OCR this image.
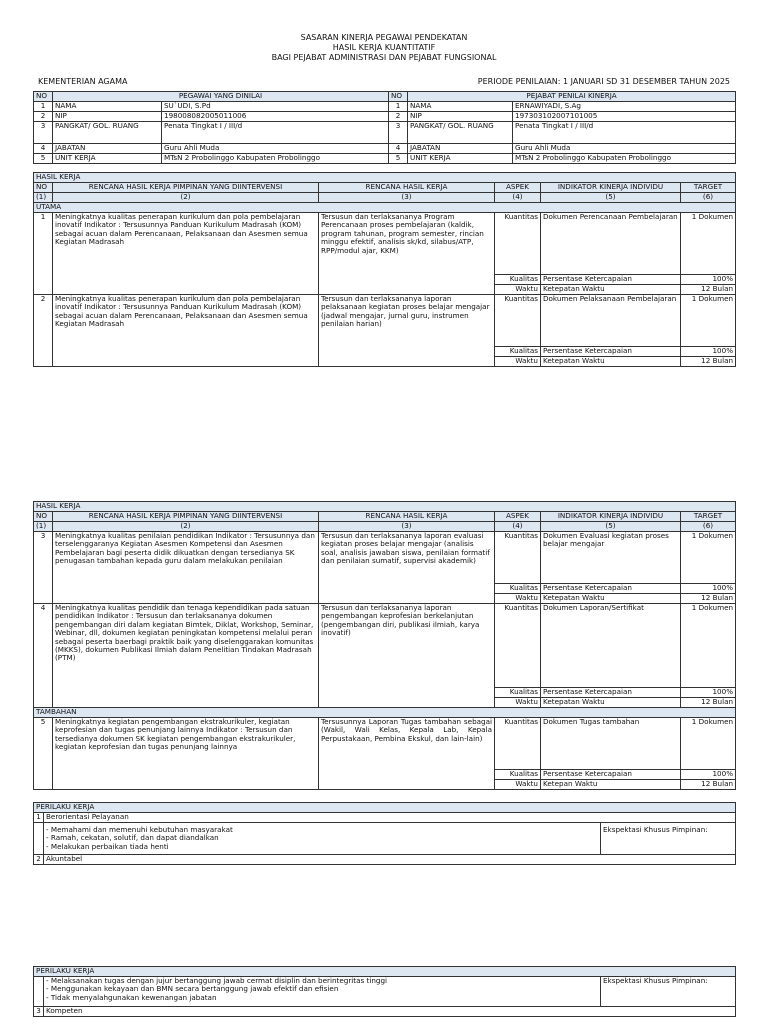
SASARAN KINERJA PEGAWAI PENDEKATAN
HASIL KERJA KUANTITATIF
BAGI PEJABAT ADMINISTRASI DAN PEJABAT FUNGSIONAL
KEMENTERIAN AGAMA	PERIODE PENILAIAN: 1 JANUARI SD 31 DESEMBER TAHUN 2025
NO	PEGAWAI YANG DINILAI		NO	PEJABAT PENILAI KINERJA	
1	NAMA	SU`UDI, S.Pd	1	NAMA	ERNAWIYADI, S.Ag
2	NIP	198008082005011006	2	NIP	197303102007101005
3	PANGKAT/ GOL. RUANG	Penata Tingkat I / III/d	3	PANGKAT/ GOL. RUANG	Penata Tingkat I / III/d
4	JABATAN	Guru Ahli Muda	4	JABATAN	Guru Ahli Muda
5	UNIT KERJA	MTsN 2 Probolinggo Kabupaten Probolinggo	5	UNIT KERJA	MTsN 2 Probolinggo Kabupaten Probolinggo
HASIL KERJA					
NO	RENCANA HASIL KERJA PIMPINAN YANG DIINTERVENSI	RENCANA HASIL KERJA	ASPEK	INDIKATOR KINERJA INDIVIDU	TARGET
(1)	(2)	(3)	(4)	(5)	(6)
UTAMA					
1	Meningkatnya kualitas penerapan kurikulum dan pola pembelajaran inovatif Indikator : Tersusunnya Panduan Kurikulum Madrasah (KOM) sebagai acuan dalam Perencanaan, Pelaksanaan dan Asesmen semua Kegiatan Madrasah	Tersusun dan terlaksananya Program Perencanaan proses pembelajaran (kaldik, program tahunan, program semester, rincian minggu efektif, analisis sk/kd, silabus/ATP, RPP/modul ajar, KKM)	Kuantitas	Dokumen Perencanaan Pembelajaran	1 Dokumen
			Kualitas	Persentase Ketercapaian	100%
			Waktu	Ketepatan Waktu	12 Bulan
2	Meningkatnya kualitas penerapan kurikulum dan pola pembelajaran inovatif Indikator : Tersusunnya Panduan Kurikulum Madrasah (KOM) sebagai acuan dalam Perencanaan, Pelaksanaan dan Asesmen semua Kegiatan Madrasah	Tersusun dan terlaksananya laporan pelaksanaan kegiatan proses belajar mengajar (jadwal mengajar, jurnal guru, instrumen penilaian harian)	Kuantitas	Dokumen Pelaksanaan Pembelajaran	1 Dokumen
			Kualitas	Persentase Ketercapaian	100%
			Waktu	Ketepatan Waktu	12 Bulan
HASIL KERJA					
NO	RENCANA HASIL KERJA PIMPINAN YANG DIINTERVENSI	RENCANA HASIL KERJA	ASPEK	INDIKATOR KINERJA INDIVIDU	TARGET
(1)	(2)	(3)	(4)	(5)	(6)
3	Meningkatnya kualitas penilaian pendidikan Indikator : Tersusunnya dan terselenggaranya Kegiatan Asesmen Kompetensi dan Asesmen Pembelajaran bagi peserta didik dikuatkan dengan tersedianya SK penugasan tambahan kepada guru dalam melakukan penilaian	Tersusun dan terlaksananya laporan evaluasi kegiatan proses belajar mengajar (analisis soal, analisis jawaban siswa, penilaian formatif dan penilaian sumatif, supervisi akademik)	Kuantitas	Dokumen Evaluasi kegiatan proses belajar mengajar	1 Dokumen
			Kualitas	Persentase Ketercapaian	100%
			Waktu	Ketepatan Waktu	12 Bulan
4	Meningkatnya kualitas pendidik dan tenaga kependidikan pada satuan pendidikan Indikator : Tersusun dan terlaksananya dokumen pengembangan diri dalam kegiatan Bimtek, Diklat, Workshop, Seminar, Webinar, dll, dokumen kegiatan peningkatan kompetensi melalui peran sebagai peserta baerbagi praktik baik yang diselenggarakan komunitas (MKKS), dokumen Publikasi Ilmiah dalam Penelitian Tindakan Madrasah (PTM)	Tersusun dan terlaksananya laporan pengembangan keprofesian berkelanjutan (pengembangan diri, publikasi ilmiah, karya inovatif)	Kuantitas	Dokumen Laporan/Sertifikat	1 Dokumen
			Kualitas	Persentase Ketercapaian	100%
			Waktu	Ketepatan Waktu	12 Bulan
TAMBAHAN					
5	Meningkatnya kegiatan pengembangan ekstrakurikuler, kegiatan keprofesian dan tugas penunjang lainnya Indikator : Tersusun dan tersedianya dokumen SK kegiatan pengembangan ekstrakurikuler, kegiatan keprofesian dan tugas penunjang lainnya	Tersusunnya Laporan Tugas tambahan sebagai (Wakil, Wali Kelas, Kepala Lab, Kepala Perpustakaan, Pembina Ekskul, dan lain-lain)	Kuantitas	Dokumen Tugas tambahan	1 Dokumen
			Kualitas	Persentase Ketercapaian	100%
			Waktu	Ketepan Waktu	12 Bulan
PERILAKU KERJA		
1	Berorientasi Pelayanan	

	- Memahami dan memenuhi kebutuhan masyarakat
- Ramah, cekatan, solutif, dan dapat diandalkan
- Melakukan perbaikan tiada henti	Ekspektasi Khusus Pimpinan:
2	Akuntabel	
PERILAKU KERJA		

	- Melaksanakan tugas dengan jujur bertanggung jawab cermat disiplin dan berintegritas tinggi
- Menggunakan kekayaan dan BMN secara bertanggung jawab efektif dan efisien
- Tidak menyalahgunakan kewenangan jabatan	Ekspektasi Khusus Pimpinan:
3	Kompeten	
